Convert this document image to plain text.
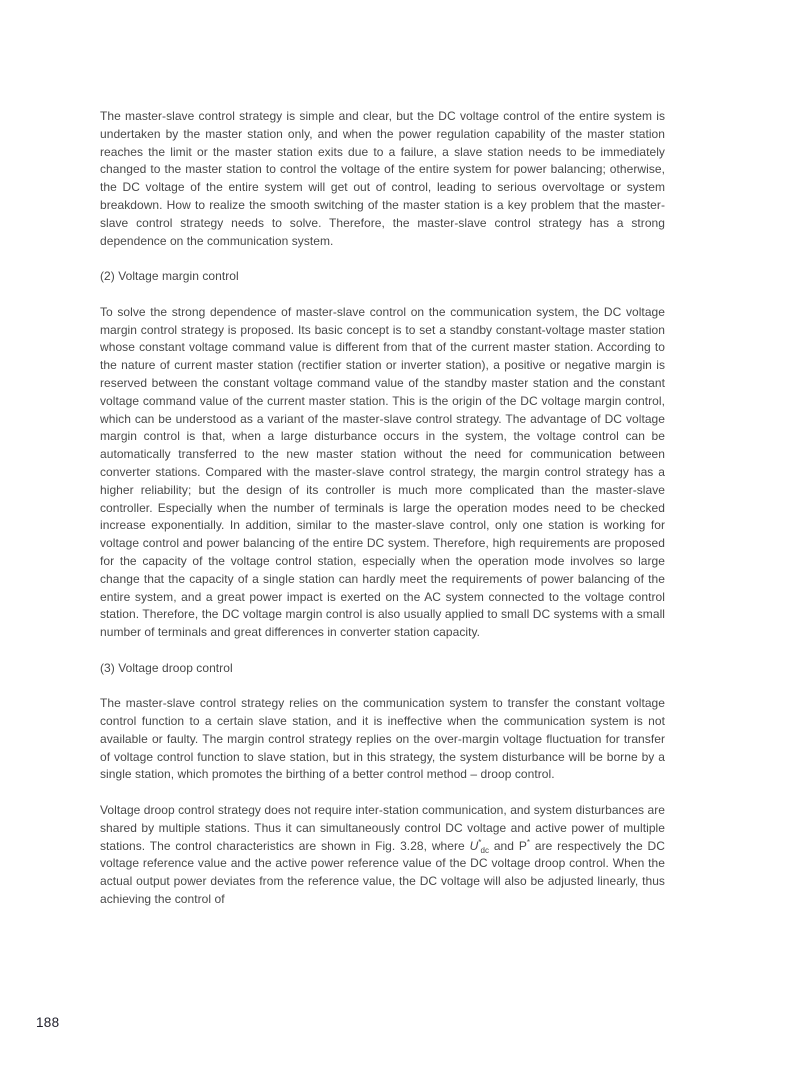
The master-slave control strategy is simple and clear, but the DC voltage control of the entire system is undertaken by the master station only, and when the power regulation capability of the master station reaches the limit or the master station exits due to a failure, a slave station needs to be immediately changed to the master station to control the voltage of the entire system for power balancing; otherwise, the DC voltage of the entire system will get out of control, leading to serious overvoltage or system breakdown. How to realize the smooth switching of the master station is a key problem that the master-slave control strategy needs to solve. Therefore, the master-slave control strategy has a strong dependence on the communication system.

(2) Voltage margin control

To solve the strong dependence of master-slave control on the communication system, the DC voltage margin control strategy is proposed. Its basic concept is to set a standby constant-voltage master station whose constant voltage command value is different from that of the current master station. According to the nature of current master station (rectifier station or inverter station), a positive or negative margin is reserved between the constant voltage command value of the standby master station and the constant voltage command value of the current master station. This is the origin of the DC voltage margin control, which can be understood as a variant of the master-slave control strategy. The advantage of DC voltage margin control is that, when a large disturbance occurs in the system, the voltage control can be automatically transferred to the new master station without the need for communication between converter stations. Compared with the master-slave control strategy, the margin control strategy has a higher reliability; but the design of its controller is much more complicated than the master-slave controller. Especially when the number of terminals is large the operation modes need to be checked increase exponentially. In addition, similar to the master-slave control, only one station is working for voltage control and power balancing of the entire DC system. Therefore, high requirements are proposed for the capacity of the voltage control station, especially when the operation mode involves so large change that the capacity of a single station can hardly meet the requirements of power balancing of the entire system, and a great power impact is exerted on the AC system connected to the voltage control station. Therefore, the DC voltage margin control is also usually applied to small DC systems with a small number of terminals and great differences in converter station capacity.

(3) Voltage droop control

The master-slave control strategy relies on the communication system to transfer the constant voltage control function to a certain slave station, and it is ineffective when the communication system is not available or faulty. The margin control strategy replies on the over-margin voltage fluctuation for transfer of voltage control function to slave station, but in this strategy, the system disturbance will be borne by a single station, which promotes the birthing of a better control method – droop control.

Voltage droop control strategy does not require inter-station communication, and system disturbances are shared by multiple stations. Thus it can simultaneously control DC voltage and active power of multiple stations. The control characteristics are shown in Fig. 3.28, where $U^*_{dc}$ and P* are respectively the DC voltage reference value and the active power reference value of the DC voltage droop control. When the actual output power deviates from the reference value, the DC voltage will also be adjusted linearly, thus achieving the control of

188
